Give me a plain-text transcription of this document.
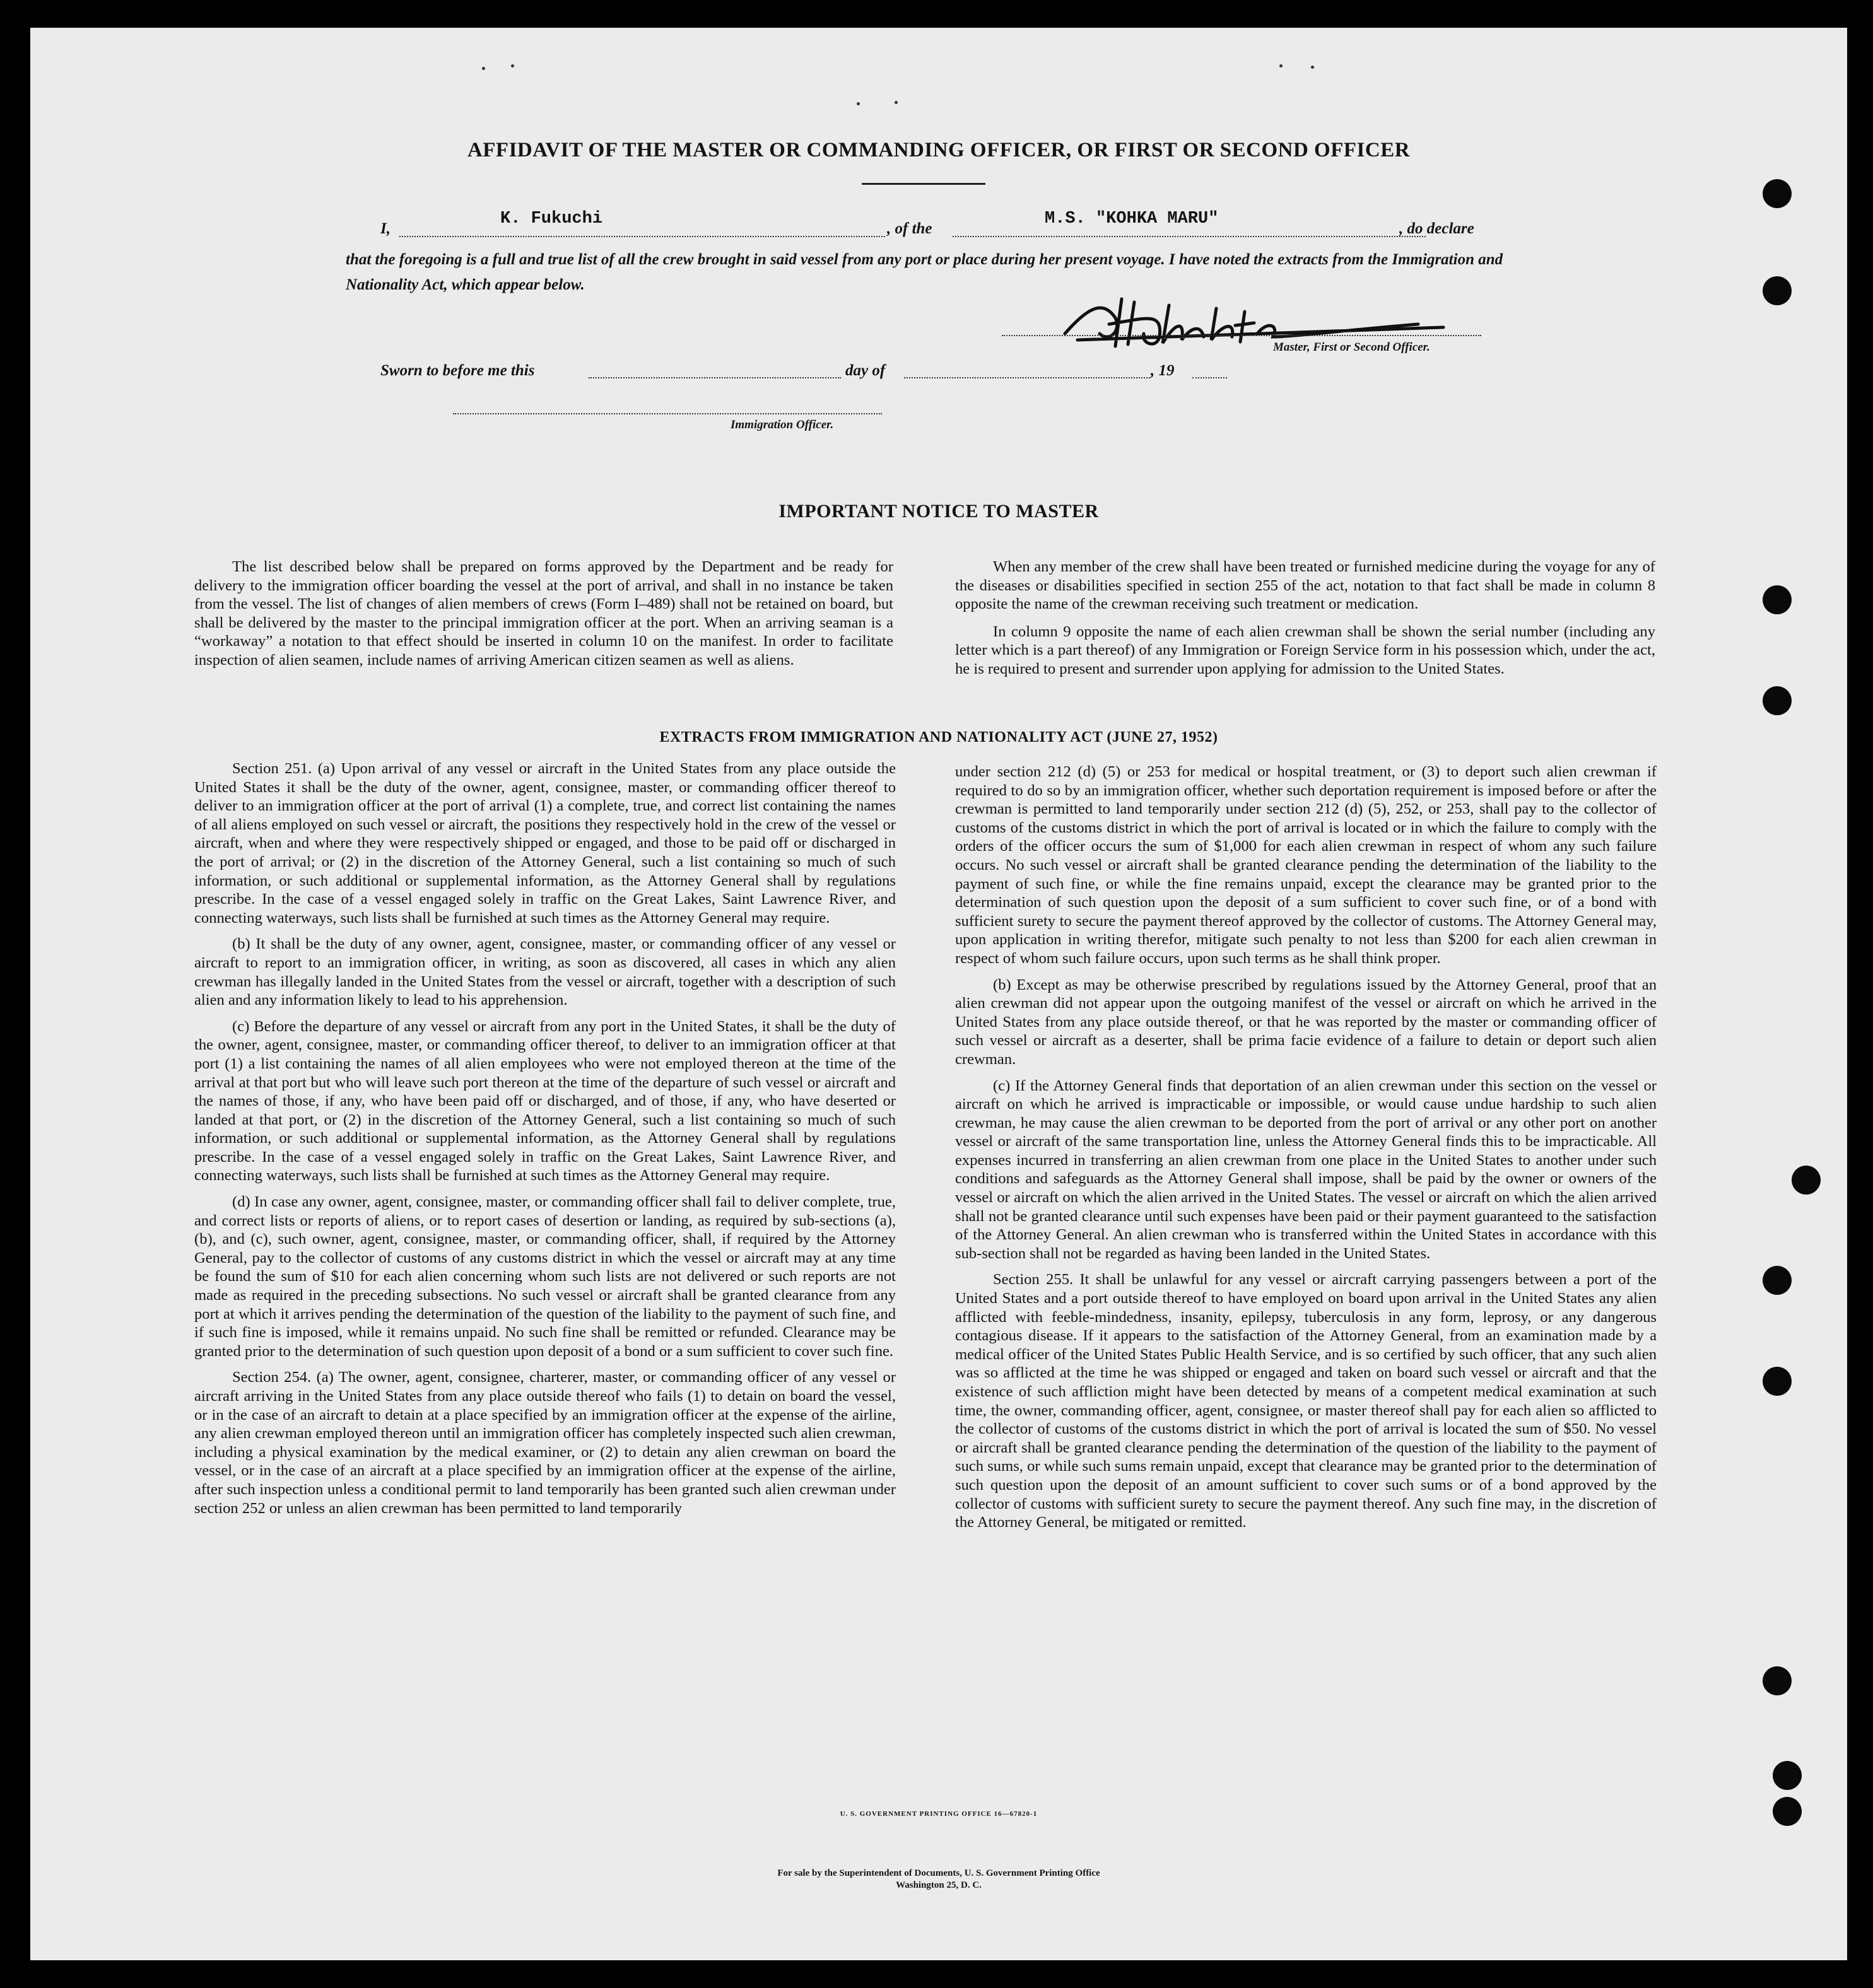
AFFIDAVIT OF THE MASTER OR COMMANDING OFFICER, OR FIRST OR SECOND OFFICER
I,
K. Fukuchi
, of the
M.S. "KOHKA MARU"
, do declare
that the foregoing is a full and true list of all the crew brought in said vessel from any port or place during her present voyage. I have noted the extracts from the Immigration and Nationality Act, which appear below.
Master, First or Second Officer.
Sworn to before me this	day of	, 19
Immigration Officer.
IMPORTANT NOTICE TO MASTER

The list described below shall be prepared on forms approved by the Department and be ready for delivery to the immigration officer boarding the vessel at the port of arrival, and shall in no instance be taken from the vessel. The list of changes of alien members of crews (Form I–489) shall not be retained on board, but shall be delivered by the master to the principal immigration officer at the port. When an arriving seaman is a “workaway” a notation to that effect should be inserted in column 10 on the manifest. In order to facilitate inspection of alien seamen, include names of arriving American citizen seamen as well as aliens.

When any member of the crew shall have been treated or furnished medicine during the voyage for any of the diseases or disabilities specified in section 255 of the act, notation to that fact shall be made in column 8 opposite the name of the crewman receiving such treatment or medication.

In column 9 opposite the name of each alien crewman shall be shown the serial number (including any letter which is a part thereof) of any Immigration or Foreign Service form in his possession which, under the act, he is required to present and surrender upon applying for admission to the United States.

EXTRACTS FROM IMMIGRATION AND NATIONALITY ACT (JUNE 27, 1952)

Section 251. (a) Upon arrival of any vessel or aircraft in the United States from any place outside the United States it shall be the duty of the owner, agent, consignee, master, or commanding officer thereof to deliver to an immigration officer at the port of arrival (1) a complete, true, and correct list containing the names of all aliens employed on such vessel or aircraft, the positions they respectively hold in the crew of the vessel or aircraft, when and where they were respectively shipped or engaged, and those to be paid off or discharged in the port of arrival; or (2) in the discretion of the Attorney General, such a list containing so much of such information, or such additional or supplemental information, as the Attorney General shall by regulations prescribe. In the case of a vessel engaged solely in traffic on the Great Lakes, Saint Lawrence River, and connecting waterways, such lists shall be furnished at such times as the Attorney General may require.

(b) It shall be the duty of any owner, agent, consignee, master, or commanding officer of any vessel or aircraft to report to an immigration officer, in writing, as soon as discovered, all cases in which any alien crewman has illegally landed in the United States from the vessel or aircraft, together with a description of such alien and any information likely to lead to his apprehension.

(c) Before the departure of any vessel or aircraft from any port in the United States, it shall be the duty of the owner, agent, consignee, master, or commanding officer thereof, to deliver to an immigration officer at that port (1) a list containing the names of all alien employees who were not employed thereon at the time of the arrival at that port but who will leave such port thereon at the time of the departure of such vessel or aircraft and the names of those, if any, who have been paid off or discharged, and of those, if any, who have deserted or landed at that port, or (2) in the discretion of the Attorney General, such a list containing so much of such information, or such additional or supplemental information, as the Attorney General shall by regulations prescribe. In the case of a vessel engaged solely in traffic on the Great Lakes, Saint Lawrence River, and connecting waterways, such lists shall be furnished at such times as the Attorney General may require.

(d) In case any owner, agent, consignee, master, or commanding officer shall fail to deliver complete, true, and correct lists or reports of aliens, or to report cases of desertion or landing, as required by sub-sections (a), (b), and (c), such owner, agent, consignee, master, or commanding officer, shall, if required by the Attorney General, pay to the collector of customs of any customs district in which the vessel or aircraft may at any time be found the sum of $10 for each alien concerning whom such lists are not delivered or such reports are not made as required in the preceding subsections. No such vessel or aircraft shall be granted clearance from any port at which it arrives pending the determination of the question of the liability to the payment of such fine, and if such fine is imposed, while it remains unpaid. No such fine shall be remitted or refunded. Clearance may be granted prior to the determination of such question upon deposit of a bond or a sum sufficient to cover such fine.

Section 254. (a) The owner, agent, consignee, charterer, master, or commanding officer of any vessel or aircraft arriving in the United States from any place outside thereof who fails (1) to detain on board the vessel, or in the case of an aircraft to detain at a place specified by an immigration officer at the expense of the airline, any alien crewman employed thereon until an immigration officer has completely inspected such alien crewman, including a physical examination by the medical examiner, or (2) to detain any alien crewman on board the vessel, or in the case of an aircraft at a place specified by an immigration officer at the expense of the airline, after such inspection unless a conditional permit to land temporarily has been granted such alien crewman under section 252 or unless an alien crewman has been permitted to land temporarily

under section 212 (d) (5) or 253 for medical or hospital treatment, or (3) to deport such alien crewman if required to do so by an immigration officer, whether such deportation requirement is imposed before or after the crewman is permitted to land temporarily under section 212 (d) (5), 252, or 253, shall pay to the collector of customs of the customs district in which the port of arrival is located or in which the failure to comply with the orders of the officer occurs the sum of $1,000 for each alien crewman in respect of whom any such failure occurs. No such vessel or aircraft shall be granted clearance pending the determination of the liability to the payment of such fine, or while the fine remains unpaid, except the clearance may be granted prior to the determination of such question upon the deposit of a sum sufficient to cover such fine, or of a bond with sufficient surety to secure the payment thereof approved by the collector of customs. The Attorney General may, upon application in writing therefor, mitigate such penalty to not less than $200 for each alien crewman in respect of whom such failure occurs, upon such terms as he shall think proper.

(b) Except as may be otherwise prescribed by regulations issued by the Attorney General, proof that an alien crewman did not appear upon the outgoing manifest of the vessel or aircraft on which he arrived in the United States from any place outside thereof, or that he was reported by the master or commanding officer of such vessel or aircraft as a deserter, shall be prima facie evidence of a failure to detain or deport such alien crewman.

(c) If the Attorney General finds that deportation of an alien crewman under this section on the vessel or aircraft on which he arrived is impracticable or impossible, or would cause undue hardship to such alien crewman, he may cause the alien crewman to be deported from the port of arrival or any other port on another vessel or aircraft of the same transportation line, unless the Attorney General finds this to be impracticable. All expenses incurred in transferring an alien crewman from one place in the United States to another under such conditions and safeguards as the Attorney General shall impose, shall be paid by the owner or owners of the vessel or aircraft on which the alien arrived in the United States. The vessel or aircraft on which the alien arrived shall not be granted clearance until such expenses have been paid or their payment guaranteed to the satisfaction of the Attorney General. An alien crewman who is transferred within the United States in accordance with this sub-section shall not be regarded as having been landed in the United States.

Section 255. It shall be unlawful for any vessel or aircraft carrying passengers between a port of the United States and a port outside thereof to have employed on board upon arrival in the United States any alien afflicted with feeble-mindedness, insanity, epilepsy, tuberculosis in any form, leprosy, or any dangerous contagious disease. If it appears to the satisfaction of the Attorney General, from an examination made by a medical officer of the United States Public Health Service, and is so certified by such officer, that any such alien was so afflicted at the time he was shipped or engaged and taken on board such vessel or aircraft and that the existence of such affliction might have been detected by means of a competent medical examination at such time, the owner, commanding officer, agent, consignee, or master thereof shall pay for each alien so afflicted to the collector of customs of the customs district in which the port of arrival is located the sum of $50. No vessel or aircraft shall be granted clearance pending the determination of the question of the liability to the payment of such sums, or while such sums remain unpaid, except that clearance may be granted prior to the determination of such question upon the deposit of an amount sufficient to cover such sums or of a bond approved by the collector of customs with sufficient surety to secure the payment thereof. Any such fine may, in the discretion of the Attorney General, be mitigated or remitted.

U. S. GOVERNMENT PRINTING OFFICE 16—67820-1
For sale by the Superintendent of Documents, U. S. Government Printing Office
Washington 25, D. C.
